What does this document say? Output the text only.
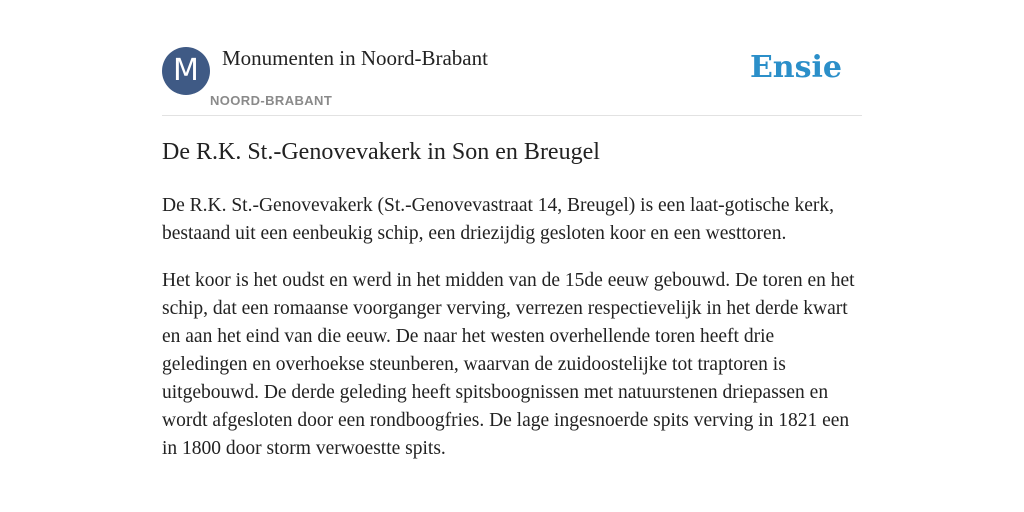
M	Monumenten in Noord-Brabant
NOORD-BRABANT
Ensie
De R.K. St.-Genovevakerk in Son en Breugel

De R.K. St.-Genovevakerk (St.-Genovevastraat 14, Breugel) is een laat-gotische kerk, bestaand uit een eenbeukig schip, een driezijdig gesloten koor en een westtoren.

Het koor is het oudst en werd in het midden van de 15de eeuw gebouwd. De toren en het schip, dat een romaanse voorganger verving, verrezen respectievelijk in het derde kwart en aan het eind van die eeuw. De naar het westen overhellende toren heeft drie geledingen en overhoekse steunberen, waarvan de zuidoostelijke tot traptoren is uitgebouwd. De derde geleding heeft spitsboognissen met natuurstenen driepassen en wordt afgesloten door een rondboogfries. De lage ingesnoerde spits verving in 1821 een in 1800 door storm verwoestte spits.
